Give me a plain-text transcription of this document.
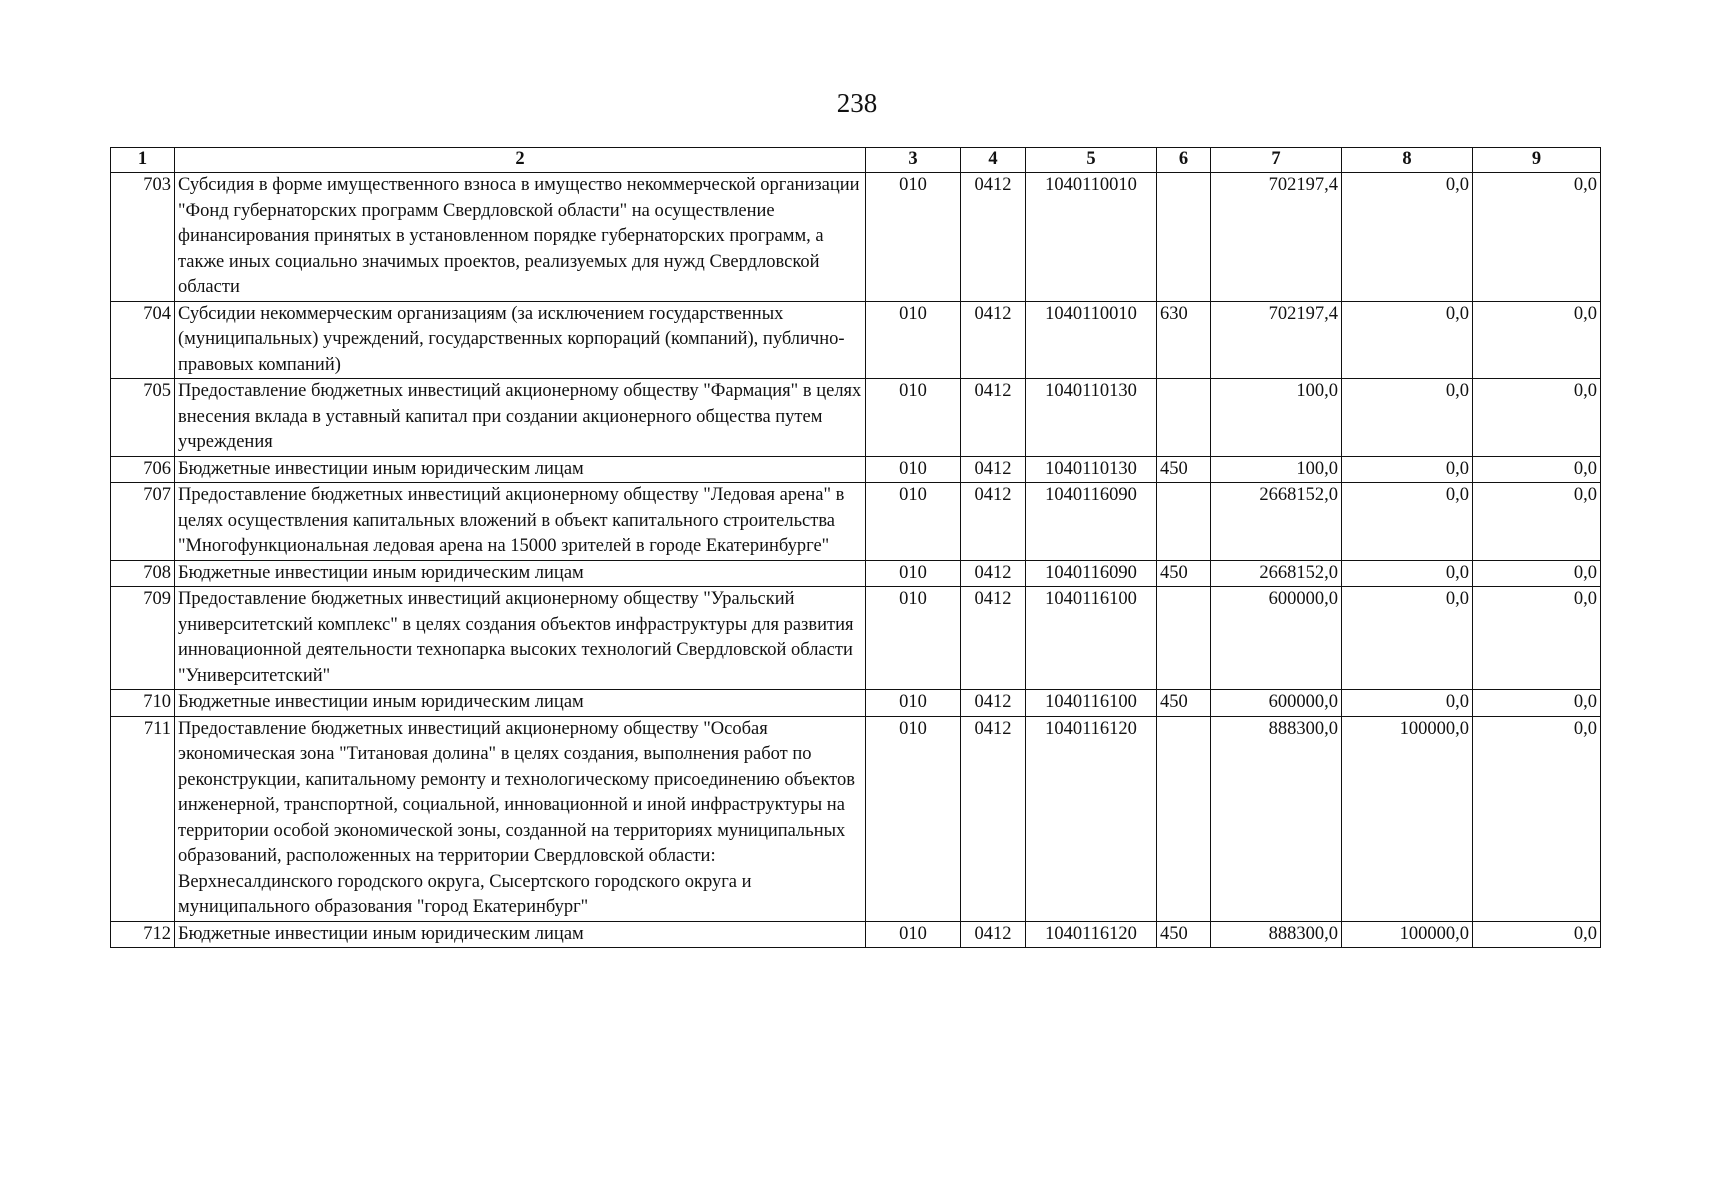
238
1	2	3	4	5	6	7	8	9
703	Субсидия в форме имущественного взноса в имущество некоммерческой организации "Фонд губернаторских программ Свердловской области" на осуществление финансирования принятых в установленном порядке губернаторских программ, а также иных социально значимых проектов, реализуемых для нужд Свердловской области	010	0412	1040110010		702197,4	0,0	0,0
704	Субсидии некоммерческим организациям (за исключением государственных (муниципальных) учреждений, государственных корпораций (компаний), публично-правовых компаний)	010	0412	1040110010	630	702197,4	0,0	0,0
705	Предоставление бюджетных инвестиций акционерному обществу "Фармация" в целях внесения вклада в уставный капитал при создании акционерного общества путем учреждения	010	0412	1040110130		100,0	0,0	0,0
706	Бюджетные инвестиции иным юридическим лицам	010	0412	1040110130	450	100,0	0,0	0,0
707	Предоставление бюджетных инвестиций акционерному обществу "Ледовая арена" в целях осуществления капитальных вложений в объект капитального строительства "Многофункциональная ледовая арена на 15000 зрителей в городе Екатеринбурге"	010	0412	1040116090		2668152,0	0,0	0,0
708	Бюджетные инвестиции иным юридическим лицам	010	0412	1040116090	450	2668152,0	0,0	0,0
709	Предоставление бюджетных инвестиций акционерному обществу "Уральский университетский комплекс" в целях создания объектов инфраструктуры для развития инновационной деятельности технопарка высоких технологий Свердловской области "Университетский"	010	0412	1040116100		600000,0	0,0	0,0
710	Бюджетные инвестиции иным юридическим лицам	010	0412	1040116100	450	600000,0	0,0	0,0
711	Предоставление бюджетных инвестиций акционерному обществу "Особая экономическая зона "Титановая долина" в целях создания, выполнения работ по реконструкции, капитальному ремонту и технологическому присоединению объектов инженерной, транспортной, социальной, инновационной и иной инфраструктуры на территории особой экономической зоны, созданной на территориях муниципальных образований, расположенных на территории Свердловской области: Верхнесалдинского городского округа, Сысертского городского округа и муниципального образования "город Екатеринбург"	010	0412	1040116120		888300,0	100000,0	0,0
712	Бюджетные инвестиции иным юридическим лицам	010	0412	1040116120	450	888300,0	100000,0	0,0
